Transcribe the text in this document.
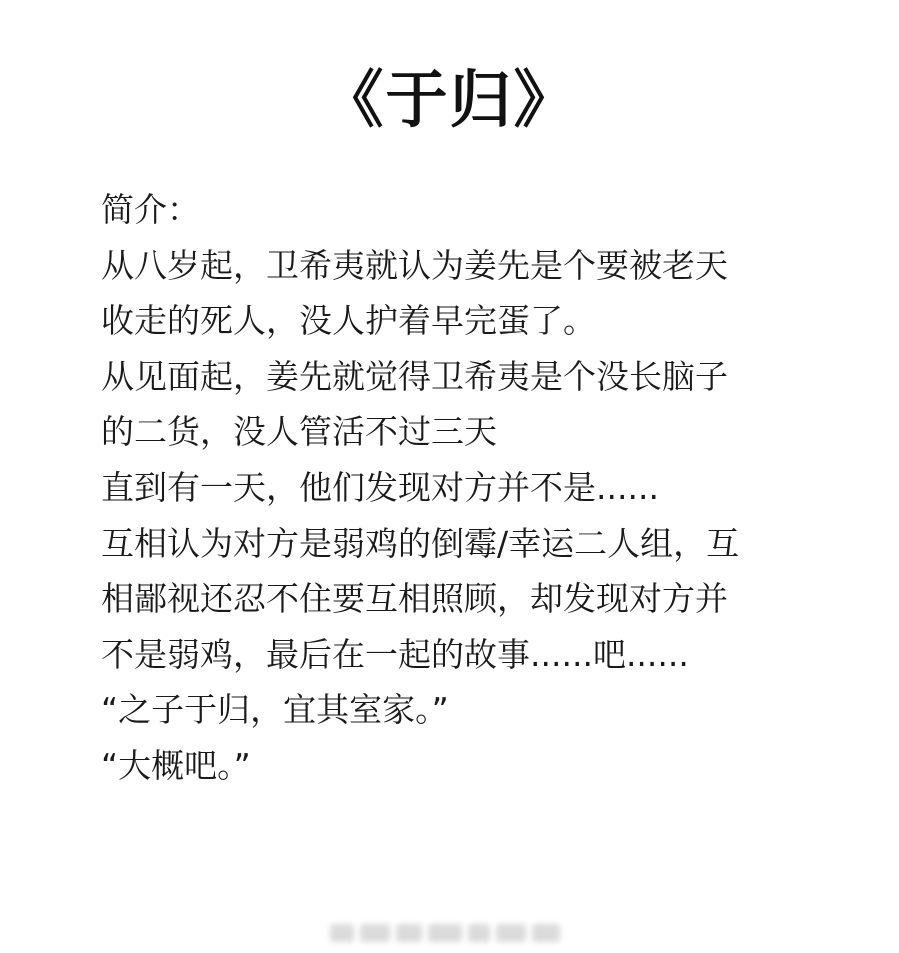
《于归》
简介：
从八岁起，卫希夷就认为姜先是个要被老天
收走的死人，没人护着早完蛋了。
从见面起，姜先就觉得卫希夷是个没长脑子
的二货，没人管活不过三天
直到有一天，他们发现对方并不是......
互相认为对方是弱鸡的倒霉/幸运二人组，互
相鄙视还忍不住要互相照顾，却发现对方并
不是弱鸡，最后在一起的故事......吧......
“之子于归，宜其室家。”
“大概吧。”
